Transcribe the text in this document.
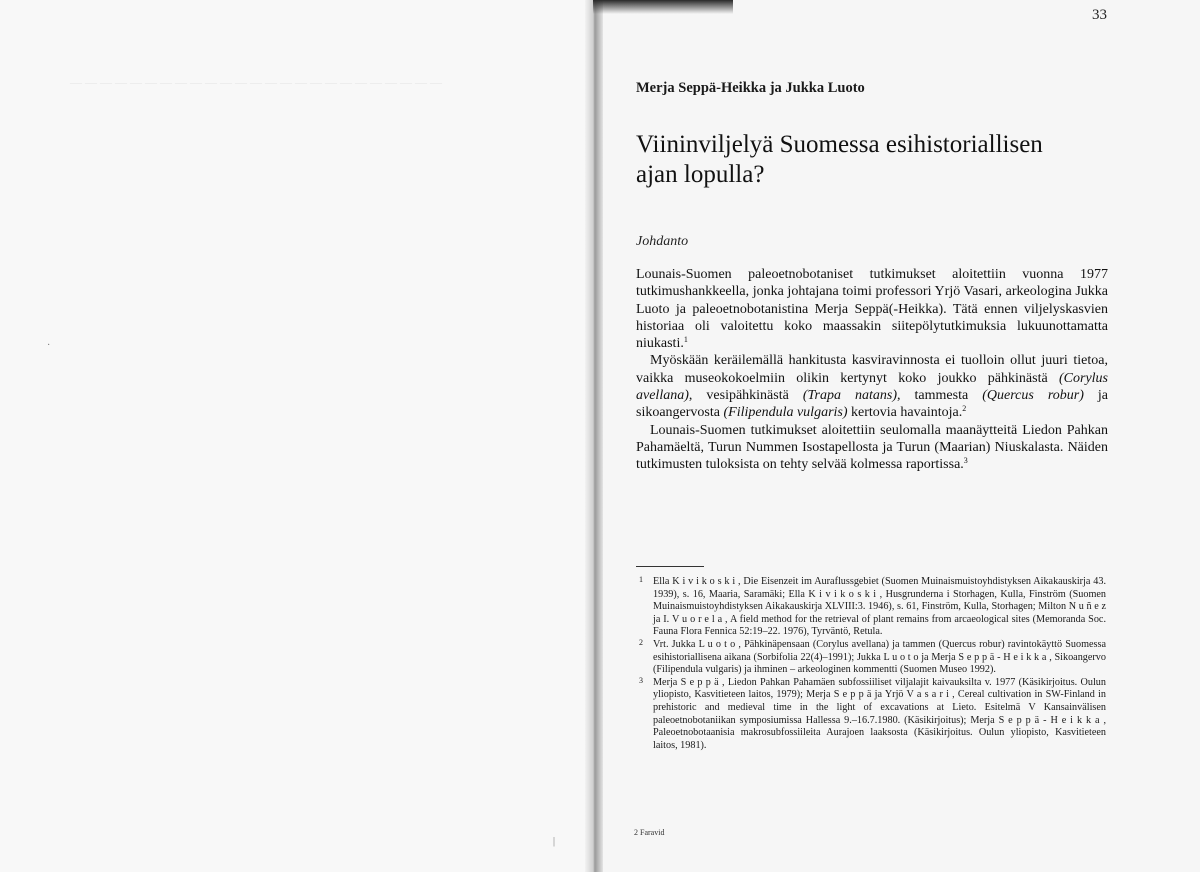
— — — — — — — — — — — — — — — — — — — — — — — — —
·
|
33
Merja Seppä-Heikka ja Jukka Luoto
Viininviljelyä Suomessa esihistoriallisen
ajan lopulla?
Johdanto

Lounais-Suomen paleoetnobotaniset tutkimukset aloitettiin vuonna 1977 tutkimushankkeella, jonka johtajana toimi professori Yrjö Vasari, arkeologina Jukka Luoto ja paleoetnobotanistina Merja Seppä(-Heikka). Tätä ennen viljelyskasvien historiaa oli valoitettu koko maassakin siitepölytutkimuksia lukuunottamatta niukasti.$^1$

Myöskään keräilemällä hankitusta kasviravinnosta ei tuolloin ollut juuri tietoa, vaikka museokokoelmiin olikin kertynyt koko joukko pähkinästä (Corylus avellana), vesipähkinästä (Trapa natans), tammesta (Quercus robur) ja sikoangervosta (Filipendula vulgaris) kertovia havaintoja.$^2$

Lounais-Suomen tutkimukset aloitettiin seulomalla maanäytteitä Liedon Pahkan Pahamäeltä, Turun Nummen Isostapellosta ja Turun (Maarian) Niuskalasta. Näiden tutkimusten tuloksista on tehty selvää kolmessa raportissa.$^3$

1 Ella K i v i k o s k i , Die Eisenzeit im Auraflussgebiet (Suomen Muinaismuistoyhdistyksen Aikakauskirja 43. 1939), s. 16, Maaria, Saramäki; Ella K i v i k o s k i , Husgrunderna i Storhagen, Kulla, Finström (Suomen Muinaismuistoyhdistyksen Aikakauskirja XLVIII:3. 1946), s. 61, Finström, Kulla, Storhagen; Milton N u ñ e z ja I. V u o r e l a , A field method for the retrieval of plant remains from arcaeological sites (Memoranda Soc. Fauna Flora Fennica 52:19–22. 1976), Tyrväntö, Retula.
2 Vrt. Jukka L u o t o , Pähkinäpensaan (Corylus avellana) ja tammen (Quercus robur) ravintokäyttö Suomessa esihistoriallisena aikana (Sorbifolia 22(4)–1991); Jukka L u o t o ja Merja S e p p ä - H e i k k a , Sikoangervo (Filipendula vulgaris) ja ihminen – arkeologinen kommentti (Suomen Museo 1992).
3 Merja S e p p ä , Liedon Pahkan Pahamäen subfossiiliset viljalajit kaivauksilta v. 1977 (Käsikirjoitus. Oulun yliopisto, Kasvitieteen laitos, 1979); Merja S e p p ä ja Yrjö V a s a r i , Cereal cultivation in SW-Finland in prehistoric and medieval time in the light of excavations at Lieto. Esitelmä V Kansainvälisen paleoetnobotaniikan symposiumissa Hallessa 9.–16.7.1980. (Käsikirjoitus); Merja S e p p ä - H e i k k a , Paleoetnobotaanisia makrosubfossiileita Aurajoen laaksosta (Käsikirjoitus. Oulun yliopisto, Kasvitieteen laitos, 1981).
2 Faravid
